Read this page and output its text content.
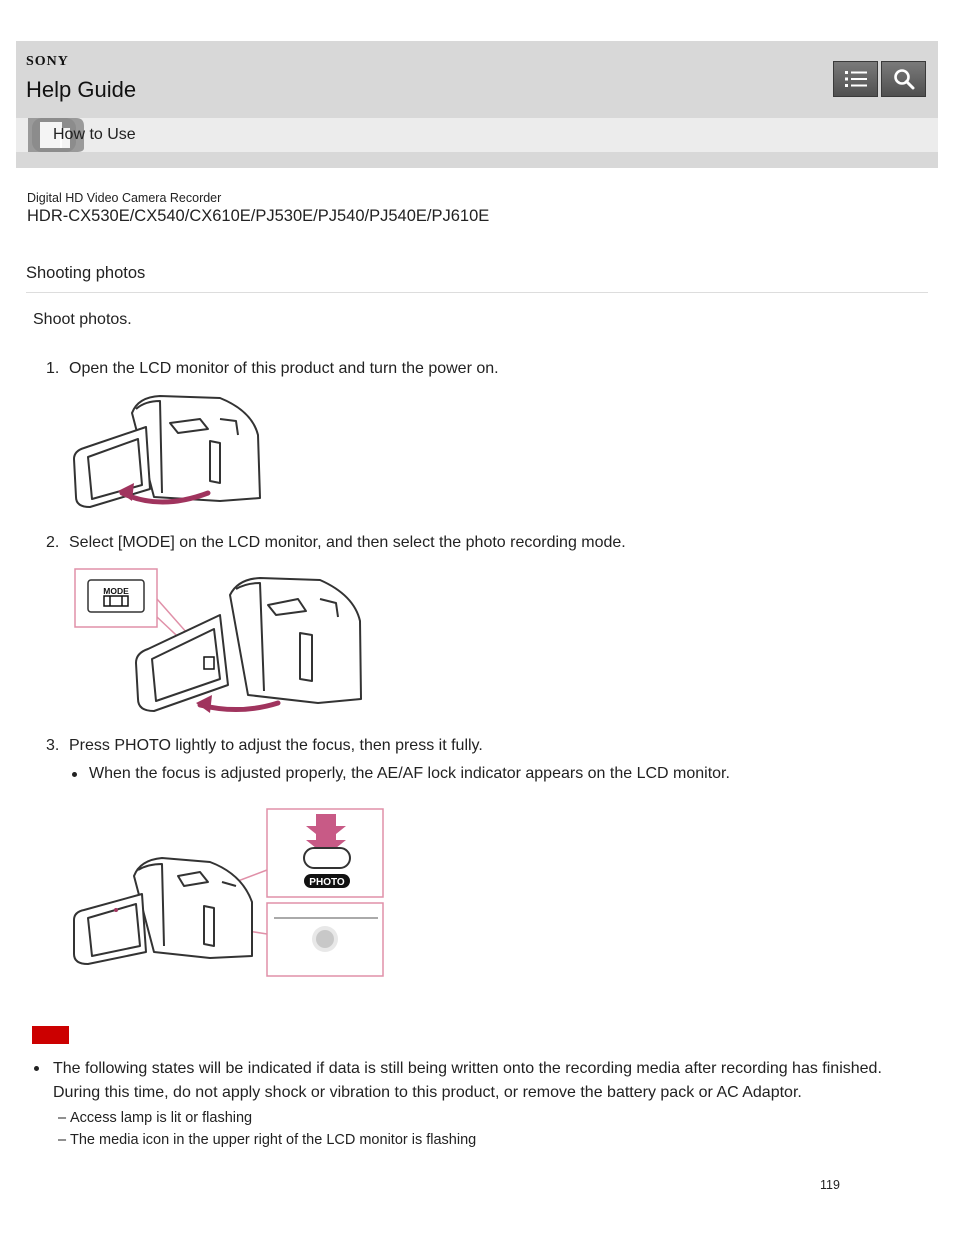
SONY
Help Guide
How to Use
Digital HD Video Camera Recorder
HDR-CX530E/CX540/CX610E/PJ530E/PJ540/PJ540E/PJ610E
Shooting photos
Shoot photos.
1. Open the LCD monitor of this product and turn the power on.
2. Select [MODE] on the LCD monitor, and then select the photo recording mode.
MODE
3. Press PHOTO lightly to adjust the focus, then press it fully.
When the focus is adjusted properly, the AE/AF lock indicator appears on the LCD monitor.
PHOTO
The following states will be indicated if data is still being written onto the recording media after recording has finished. During this time, do not apply shock or vibration to this product, or remove the battery pack or AC Adaptor.
‒ Access lamp is lit or flashing
‒ The media icon in the upper right of the LCD monitor is flashing
119
